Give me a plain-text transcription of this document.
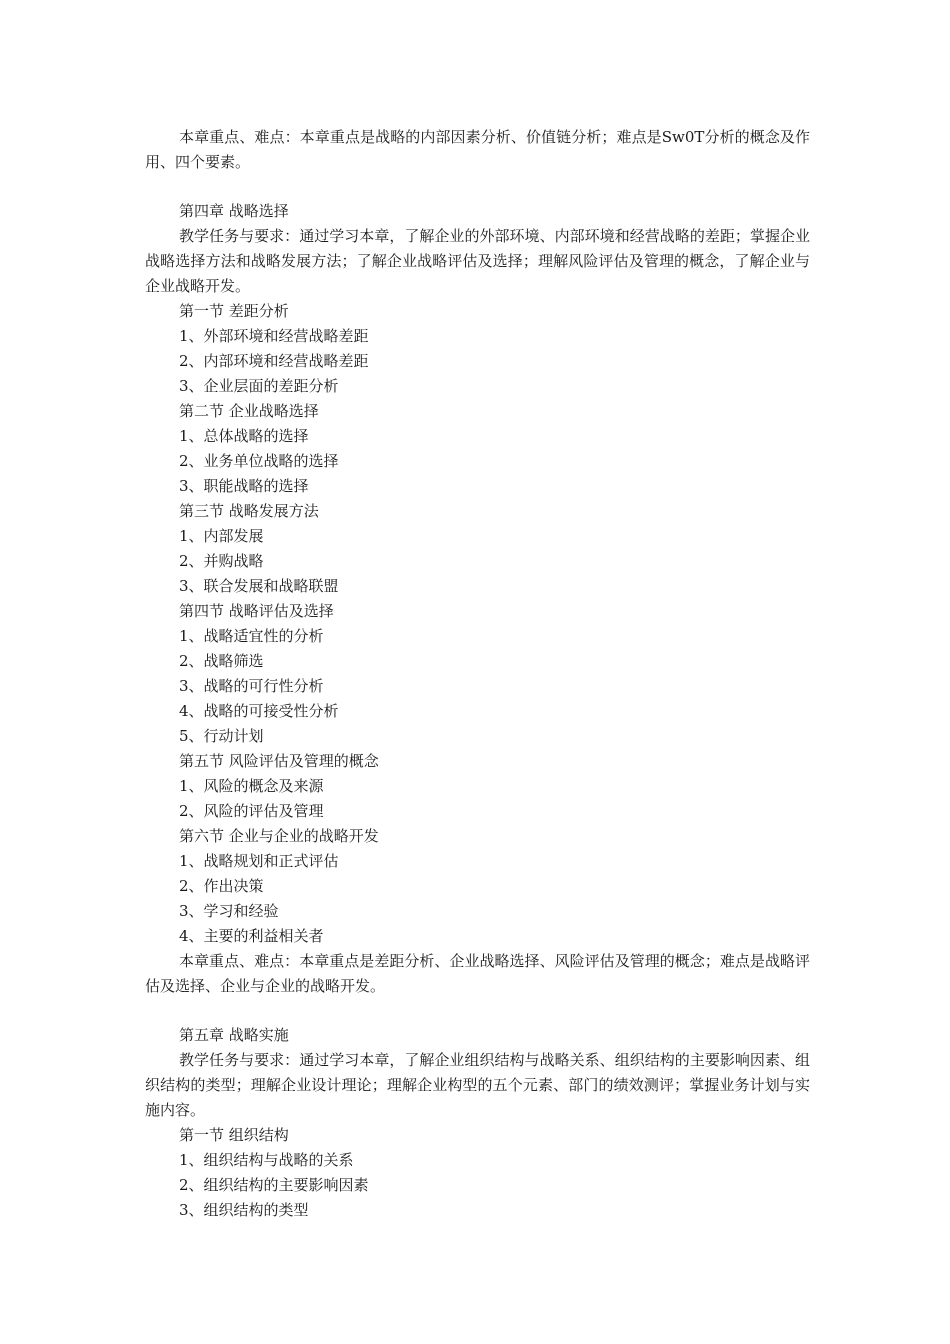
本章重点、难点：本章重点是战略的内部因素分析、价值链分析；难点是Sw0T分析的概念及作用、四个要素。

第四章 战略选择

教学任务与要求：通过学习本章，了解企业的外部环境、内部环境和经营战略的差距；掌握企业战略选择方法和战略发展方法；了解企业战略评估及选择；理解风险评估及管理的概念，了解企业与企业战略开发。

第一节 差距分析

1、外部环境和经营战略差距

2、内部环境和经营战略差距

3、企业层面的差距分析

第二节 企业战略选择

1、总体战略的选择

2、业务单位战略的选择

3、职能战略的选择

第三节 战略发展方法

1、内部发展

2、并购战略

3、联合发展和战略联盟

第四节 战略评估及选择

1、战略适宜性的分析

2、战略筛选

3、战略的可行性分析

4、战略的可接受性分析

5、行动计划

第五节 风险评估及管理的概念

1、风险的概念及来源

2、风险的评估及管理

第六节 企业与企业的战略开发

1、战略规划和正式评估

2、作出决策

3、学习和经验

4、主要的利益相关者

本章重点、难点：本章重点是差距分析、企业战略选择、风险评估及管理的概念；难点是战略评估及选择、企业与企业的战略开发。

第五章 战略实施

教学任务与要求：通过学习本章，了解企业组织结构与战略关系、组织结构的主要影响因素、组织结构的类型；理解企业设计理论；理解企业构型的五个元素、部门的绩效测评；掌握业务计划与实施内容。

第一节 组织结构

1、组织结构与战略的关系

2、组织结构的主要影响因素

3、组织结构的类型
